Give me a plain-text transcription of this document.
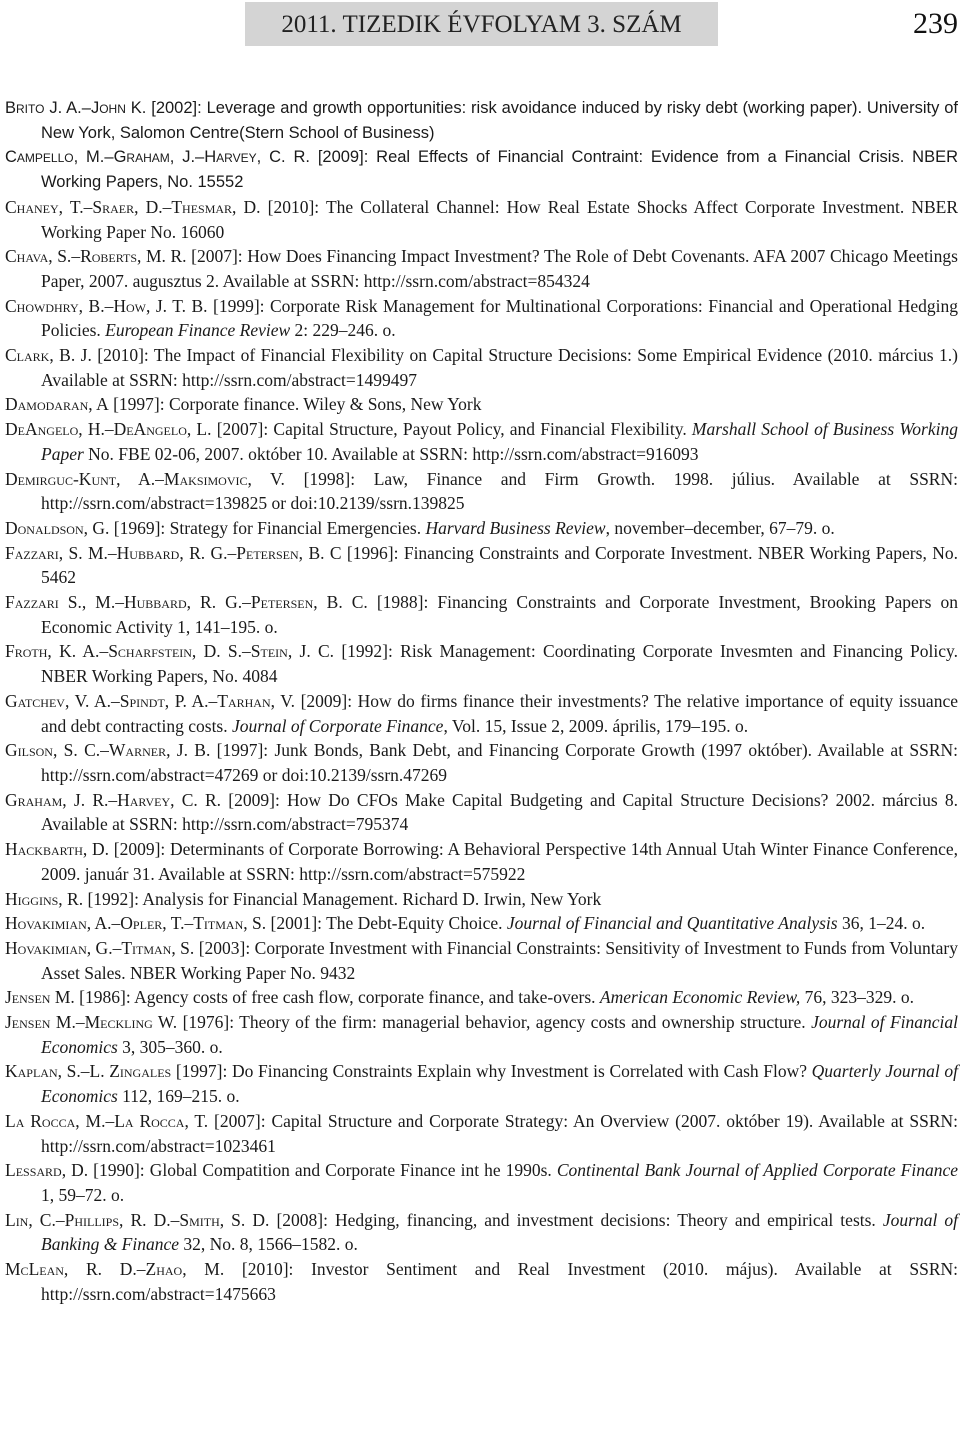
2011. TIZEDIK ÉVFOLYAM 3. SZÁM	239

Brito J. A.–John K. [2002]: Leverage and growth opportunities: risk avoidance induced by risky debt (working paper). University of New York, Salomon Centre(Stern School of Business)

Campello, M.–Graham, J.–Harvey, C. R. [2009]: Real Effects of Financial Contraint: Evidence from a Financial Crisis. NBER Working Papers, No. 15552

Chaney, T.–Sraer, D.–Thesmar, D. [2010]: The Collateral Channel: How Real Estate Shocks Affect Corporate Investment. NBER Working Paper No. 16060

Chava, S.–Roberts, M. R. [2007]: How Does Financing Impact Investment? The Role of Debt Covenants. AFA 2007 Chicago Meetings Paper, 2007. augusztus 2. Available at SSRN: http://ssrn.com/abstract=854324

Chowdhry, B.–How, J. T. B. [1999]: Corporate Risk Management for Multinational Corporations: Financial and Operational Hedging Policies. European Finance Review 2: 229–246. o.

Clark, B. J. [2010]: The Impact of Financial Flexibility on Capital Structure Decisions: Some Empirical Evidence (2010. március 1.) Available at SSRN: http://ssrn.com/abstract=1499497

Damodaran, A [1997]: Corporate finance. Wiley & Sons, New York

DeAngelo, H.–DeAngelo, L. [2007]: Capital Structure, Payout Policy, and Financial Flexibility. Marshall School of Business Working Paper No. FBE 02-06, 2007. október 10. Available at SSRN: http://ssrn.com/abstract=916093

Demirguc-Kunt, A.–Maksimovic, V. [1998]: Law, Finance and Firm Growth. 1998. július. Available at SSRN: http://ssrn.com/abstract=139825 or doi:10.2139/ssrn.139825

Donaldson, G. [1969]: Strategy for Financial Emergencies. Harvard Business Review, november–december, 67–79. o.

Fazzari, S. M.–Hubbard, R. G.–Petersen, B. C [1996]: Financing Constraints and Corporate Investment. NBER Working Papers, No. 5462

Fazzari S., M.–Hubbard, R. G.–Petersen, B. C. [1988]: Financing Constraints and Corporate Investment, Brooking Papers on Economic Activity 1, 141–195. o.

Froth, K. A.–Scharfstein, D. S.–Stein, J. C. [1992]: Risk Management: Coordinating Corporate Invesmten and Financing Policy. NBER Working Papers, No. 4084

Gatchev, V. A.–Spindt, P. A.–Tarhan, V. [2009]: How do firms finance their investments? The relative importance of equity issuance and debt contracting costs. Journal of Corporate Finance, Vol. 15, Issue 2, 2009. április, 179–195. o.

Gilson, S. C.–Warner, J. B. [1997]: Junk Bonds, Bank Debt, and Financing Corporate Growth (1997 október). Available at SSRN: http://ssrn.com/abstract=47269 or doi:10.2139/ssrn.47269

Graham, J. R.–Harvey, C. R. [2009]: How Do CFOs Make Capital Budgeting and Capital Structure Decisions? 2002. március 8. Available at SSRN: http://ssrn.com/abstract=795374

Hackbarth, D. [2009]: Determinants of Corporate Borrowing: A Behavioral Perspective 14th Annual Utah Winter Finance Conference, 2009. január 31. Available at SSRN: http://ssrn.com/abstract=575922

Higgins, R. [1992]: Analysis for Financial Management. Richard D. Irwin, New York

Hovakimian, A.–Opler, T.–Titman, S. [2001]: The Debt-Equity Choice. Journal of Financial and Quantitative Analysis 36, 1–24. o.

Hovakimian, G.–Titman, S. [2003]: Corporate Investment with Financial Constraints: Sensitivity of Investment to Funds from Voluntary Asset Sales. NBER Working Paper No. 9432

Jensen M. [1986]: Agency costs of free cash flow, corporate finance, and take-overs. American Economic Review, 76, 323–329. o.

Jensen M.–Meckling W. [1976]: Theory of the firm: managerial behavior, agency costs and ownership structure. Journal of Financial Economics 3, 305–360. o.

Kaplan, S.–L. Zingales [1997]: Do Financing Constraints Explain why Investment is Correlated with Cash Flow? Quarterly Journal of Economics 112, 169–215. o.

La Rocca, M.–La Rocca, T. [2007]: Capital Structure and Corporate Strategy: An Overview (2007. október 19). Available at SSRN: http://ssrn.com/abstract=1023461

Lessard, D. [1990]: Global Compatition and Corporate Finance int he 1990s. Continental Bank Journal of Applied Corporate Finance 1, 59–72. o.

Lin, C.–Phillips, R. D.–Smith, S. D. [2008]: Hedging, financing, and investment decisions: Theory and empirical tests. Journal of Banking & Finance 32, No. 8, 1566–1582. o.

McLean, R. D.–Zhao, M. [2010]: Investor Sentiment and Real Investment (2010. május). Available at SSRN: http://ssrn.com/abstract=1475663
